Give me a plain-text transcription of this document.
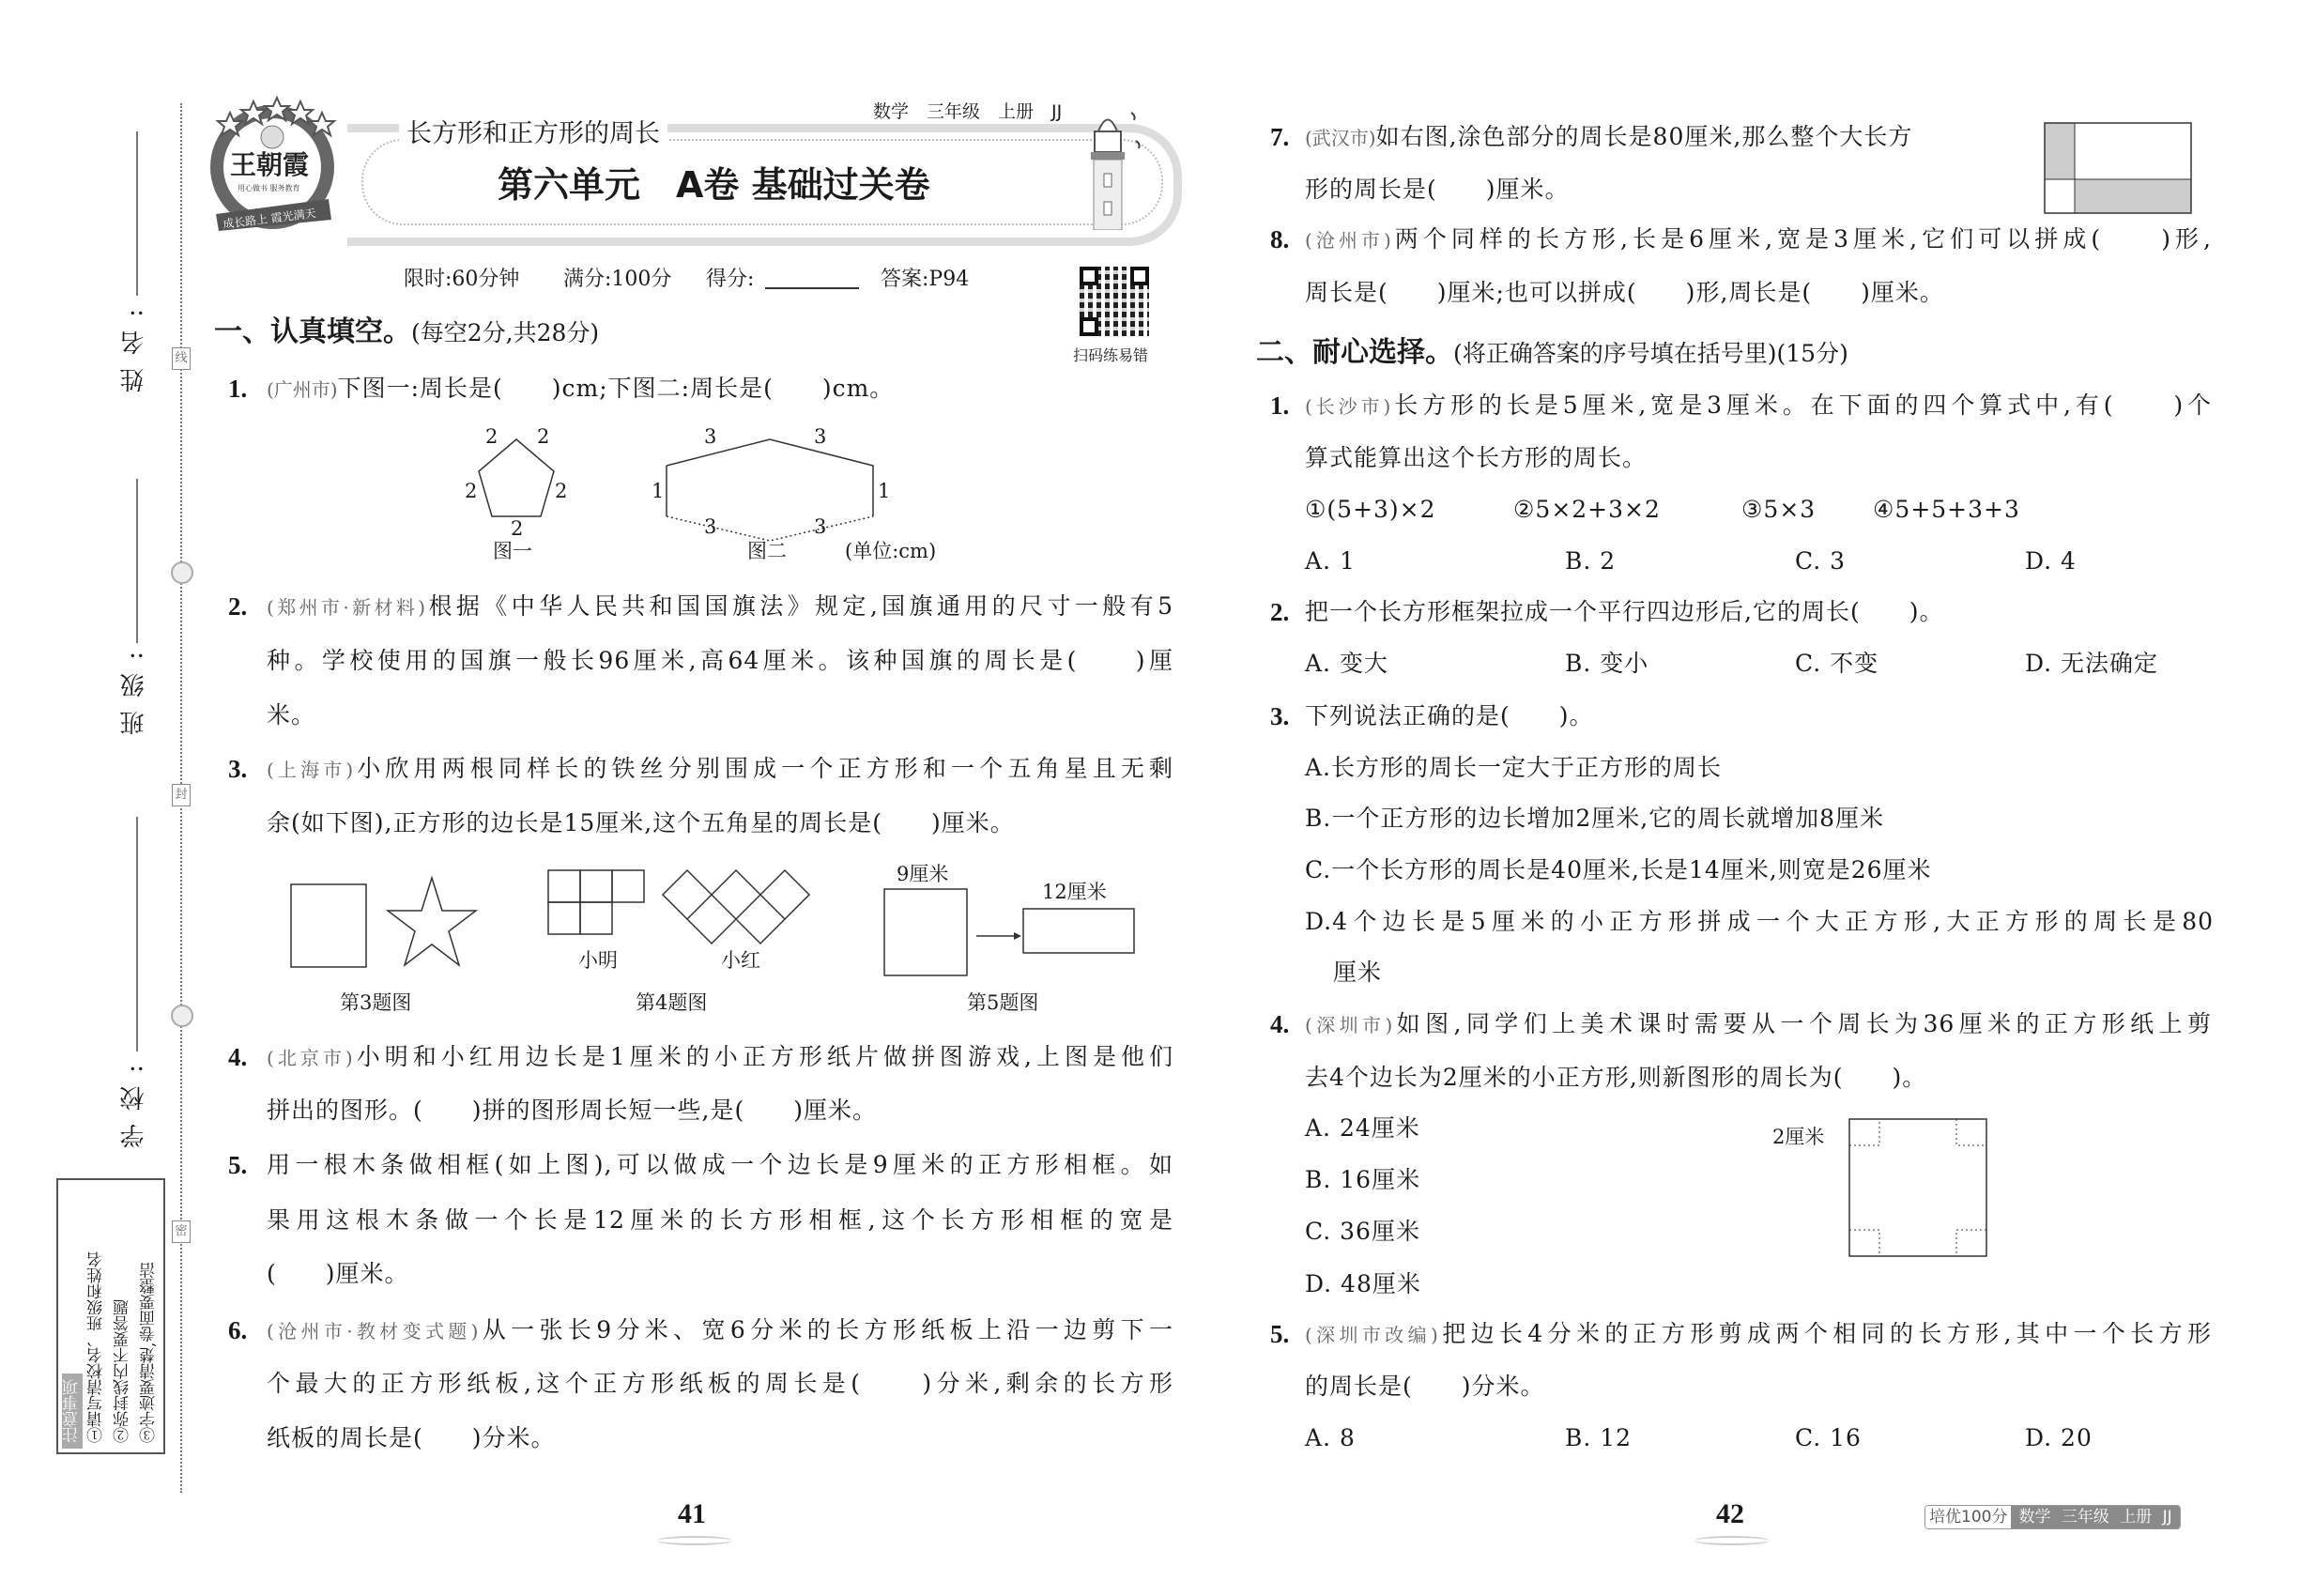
姓名:
班级:
学校:
线
封
密
注意事项 ①请写清校名、班级和姓名 ②弥封线内不要答题 ③字迹要清楚,卷面要整洁
王朝霞
用心做书 服务教育
成长路上 霞光满天
长方形和正方形的周长
数学　三年级　上册　JJ
第六单元　A卷 基础过关卷
限时:60分钟 满分:100分 得分:	答案:P94
扫码练易错
一、认真填空。(每空2分,共28分)
1. (广州市)下图一:周长是(　　)cm;下图二:周长是(　　)cm。
2 2
2	2
2
图一
3	3
1	1
3	3
图二	(单位:cm)
2. (郑州市·新材料)根据《中华人民共和国国旗法》规定,国旗通用的尺寸一般有5
种。学校使用的国旗一般长96厘米,高64厘米。该种国旗的周长是(　　)厘
米。
3. (上海市)小欣用两根同样长的铁丝分别围成一个正方形和一个五角星且无剩
余(如下图),正方形的边长是15厘米,这个五角星的周长是(　　)厘米。
第3题图
小明	小红
第4题图
9厘米
12厘米
第5题图
4. (北京市)小明和小红用边长是1厘米的小正方形纸片做拼图游戏,上图是他们
拼出的图形。(　　)拼的图形周长短一些,是(　　)厘米。
5. 用一根木条做相框(如上图),可以做成一个边长是9厘米的正方形相框。如
果用这根木条做一个长是12厘米的长方形相框,这个长方形相框的宽是
(　　)厘米。
6. (沧州市·教材变式题)从一张长9分米、宽6分米的长方形纸板上沿一边剪下一
个最大的正方形纸板,这个正方形纸板的周长是(　　)分米,剩余的长方形
纸板的周长是(　　)分米。
41
7. (武汉市)如右图,涂色部分的周长是80厘米,那么整个大长方
形的周长是(　　)厘米。
8. (沧州市)两个同样的长方形,长是6厘米,宽是3厘米,它们可以拼成(　　)形,
周长是(　　)厘米;也可以拼成(　　)形,周长是(　　)厘米。
二、耐心选择。(将正确答案的序号填在括号里)(15分)
1. (长沙市)长方形的长是5厘米,宽是3厘米。在下面的四个算式中,有(　　)个
算式能算出这个长方形的周长。
①(5+3)×2	②5×2+3×2	③5×3 ④5+5+3+3
A. 1	B. 2	C. 3	D. 4
2. 把一个长方形框架拉成一个平行四边形后,它的周长(　　)。
A. 变大	B. 变小	C. 不变	D. 无法确定
3. 下列说法正确的是(　　)。
A.长方形的周长一定大于正方形的周长
B.一个正方形的边长增加2厘米,它的周长就增加8厘米
C.一个长方形的周长是40厘米,长是14厘米,则宽是26厘米
D.4个边长是5厘米的小正方形拼成一个大正方形,大正方形的周长是80
厘米
4. (深圳市)如图,同学们上美术课时需要从一个周长为36厘米的正方形纸上剪
去4个边长为2厘米的小正方形,则新图形的周长为(　　)。
A. 24厘米
B. 16厘米
C. 36厘米
D. 48厘米
2厘米
5. (深圳市改编)把边长4分米的正方形剪成两个相同的长方形,其中一个长方形
的周长是(　　)分米。
A. 8	B. 12	C. 16	D. 20
42	培优100分 数学 三年级 上册 JJ
